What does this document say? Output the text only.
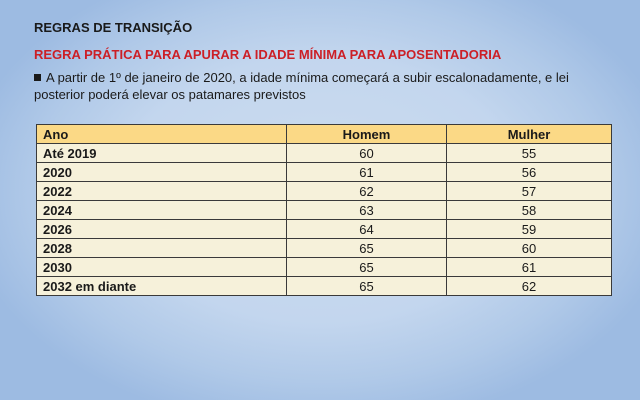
REGRAS DE TRANSIÇÃO
REGRA PRÁTICA PARA APURAR A IDADE MÍNIMA PARA APOSENTADORIA
A partir de 1º de janeiro de 2020, a idade mínima começará a subir escalonadamente, e lei posterior poderá elevar os patamares previstos
Ano	Homem	Mulher
Até 2019	60	55
2020	61	56
2022	62	57
2024	63	58
2026	64	59
2028	65	60
2030	65	61
2032 em diante	65	62
